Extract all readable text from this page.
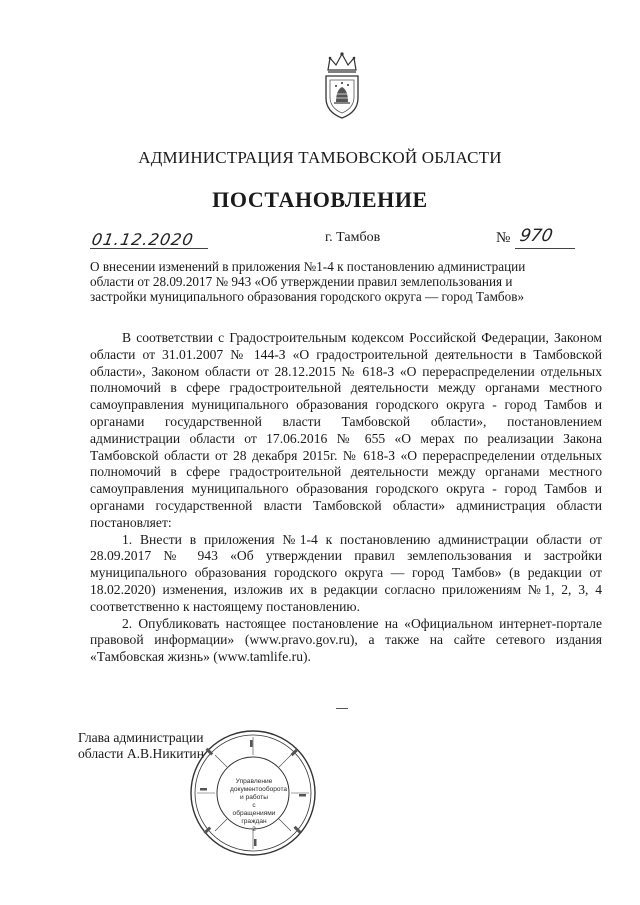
АДМИНИСТРАЦИЯ ТАМБОВСКОЙ ОБЛАСТИ
ПОСТАНОВЛЕНИЕ
01.12.2020	г. Тамбов	№ 970
О внесении изменений в приложения №1-4 к постановлению администрации
области от 28.09.2017 № 943 «Об утверждении правил землепользования и
застройки муниципального образования городского округа — город Тамбов»

В соответствии с Градостроительным кодексом Российской Федерации, Законом области от 31.01.2007 № 144-З «О градостроительной деятельности в Тамбовской области», Законом области от 28.12.2015 № 618-З «О перераспределении отдельных полномочий в сфере градостроительной деятельности между органами местного самоуправления муниципального образования городского округа - город Тамбов и органами государственной власти Тамбовской области», постановлением администрации области от 17.06.2016 № 655 «О мерах по реализации Закона Тамбовской области от 28 декабря 2015г. № 618-З «О перераспределении отдельных полномочий в сфере градостроительной деятельности между органами местного самоуправления муниципального образования городского округа - город Тамбов и органами государственной власти Тамбовской области» администрация области постановляет:

1. Внести в приложения №1-4 к постановлению администрации области от 28.09.2017 № 943 «Об утверждении правил землепользования и застройки муниципального образования городского округа — город Тамбов» (в редакции от 18.02.2020) изменения, изложив их в редакции согласно приложениям №1, 2, 3, 4 соответственно к настоящему постановлению.

2. Опубликовать настоящее постановление на «Официальном интернет-портале правовой информации» (www.pravo.gov.ru), а также на сайте сетевого издания «Тамбовская жизнь» (www.tamlife.ru).

Глава администрации
области А.В.Никитин
Управление
документооборота
и работы
с обращениями
граждан
2
